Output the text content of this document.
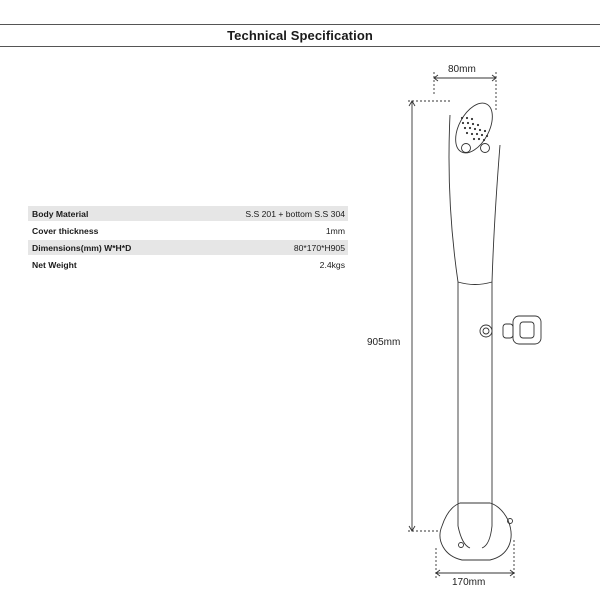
Technical Specification
Body Material	S.S 201 + bottom S.S 304
Cover thickness	1mm
Dimensions(mm) W*H*D	80*170*H905
Net Weight	2.4kgs
80mm
905mm
170mm
